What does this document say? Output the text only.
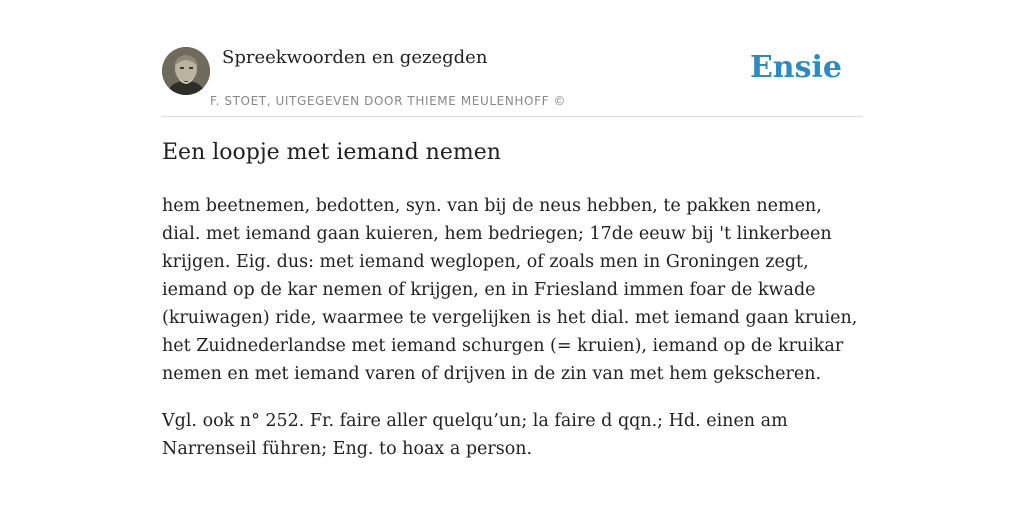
Spreekwoorden en gezegden
F. STOET, UITGEGEVEN DOOR THIEME MEULENHOFF ©
Ensie
Een loopje met iemand nemen

hem beetnemen, bedotten, syn. van bij de neus hebben, te pakken nemen, dial. met iemand gaan kuieren, hem bedriegen; 17de eeuw bij 't linkerbeen krijgen. Eig. dus: met iemand weglopen, of zoals men in Groningen zegt, iemand op de kar nemen of krijgen, en in Friesland immen foar de kwade (kruiwagen) ride, waarmee te vergelijken is het dial. met iemand gaan kruien, het Zuidnederlandse met iemand schurgen (= kruien), iemand op de kruikar nemen en met iemand varen of drijven in de zin van met hem gekscheren.

Vgl. ook n° 252. Fr. faire aller quelqu’un; la faire d qqn.; Hd. einen am Narrenseil führen; Eng. to hoax a person.
